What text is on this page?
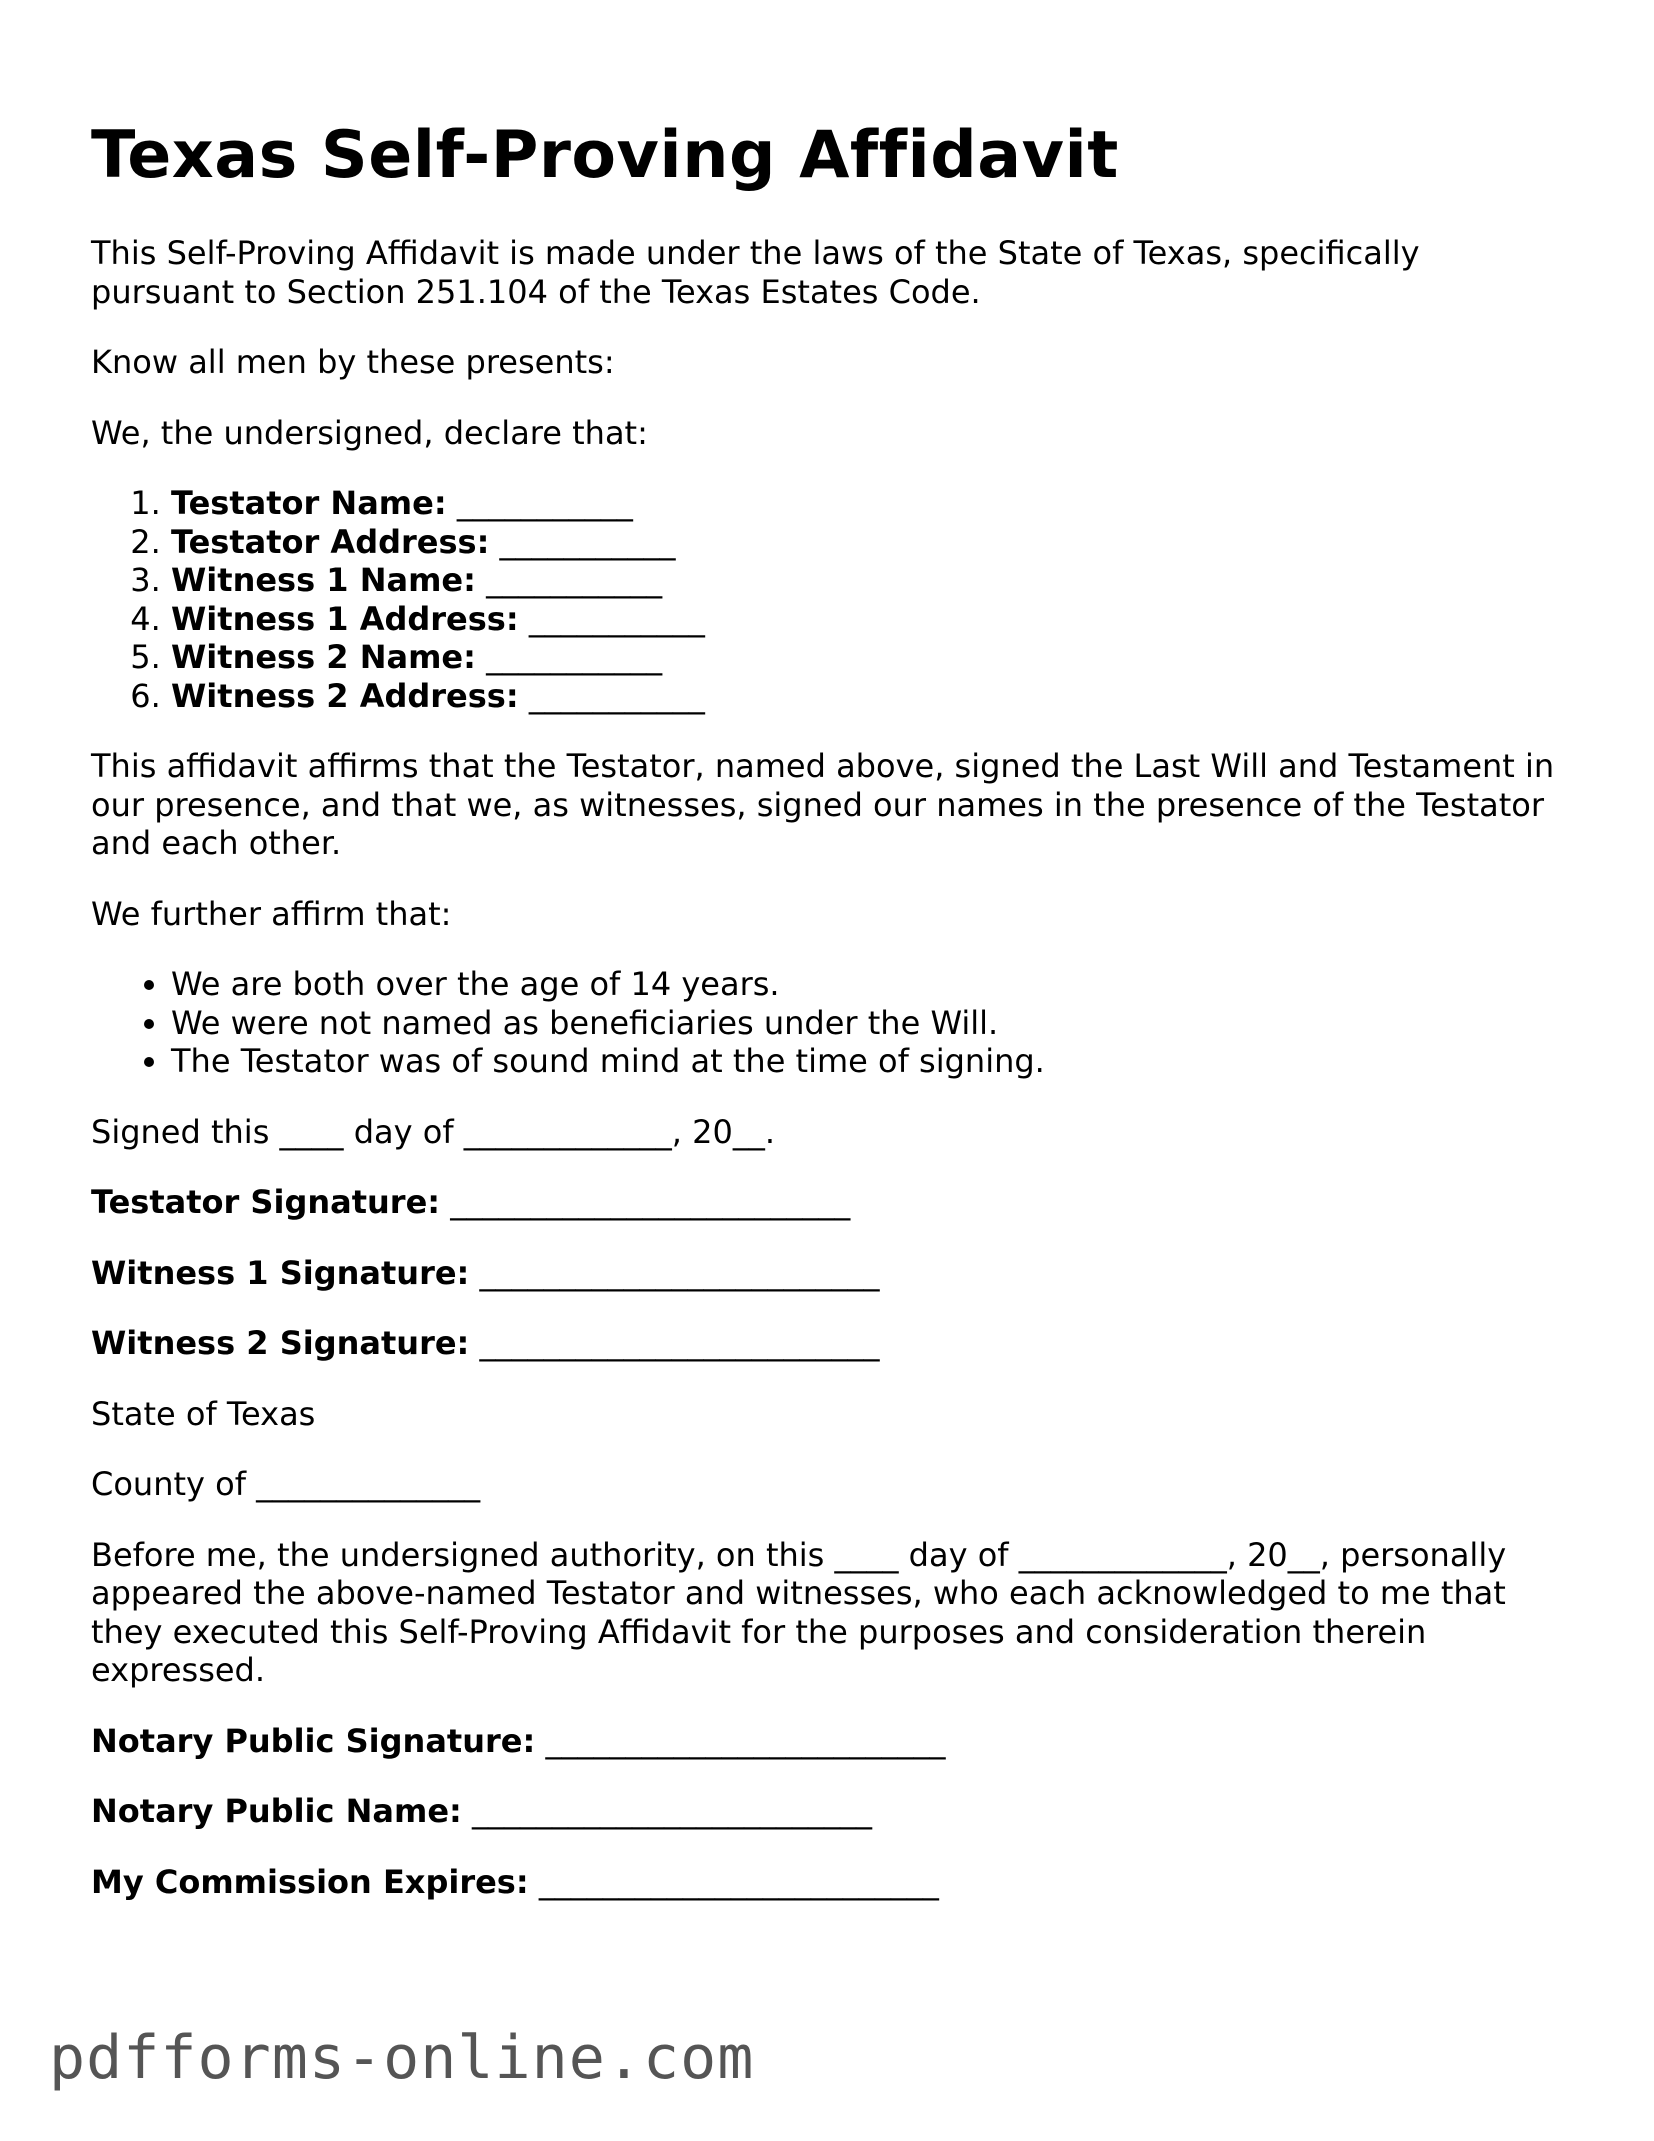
Texas Self-Proving Affidavit

This Self-Proving Affidavit is made under the laws of the State of Texas, specifically pursuant to Section 251.104 of the Texas Estates Code.

Know all men by these presents:

We, the undersigned, declare that:

1. Testator Name: ___________
2. Testator Address: ___________
3. Witness 1 Name: ___________
4. Witness 1 Address: ___________
5. Witness 2 Name: ___________
6. Witness 2 Address: ___________

This affidavit affirms that the Testator, named above, signed the Last Will and Testament in our presence, and that we, as witnesses, signed our names in the presence of the Testator and each other.

We further affirm that:

• We are both over the age of 14 years.
• We were not named as beneficiaries under the Will.
• The Testator was of sound mind at the time of signing.

Signed this ____ day of _____________, 20__.

Testator Signature: _________________________

Witness 1 Signature: _________________________

Witness 2 Signature: _________________________

State of Texas

County of ______________

Before me, the undersigned authority, on this ____ day of _____________, 20__, personally appeared the above-named Testator and witnesses, who each acknowledged to me that they executed this Self-Proving Affidavit for the purposes and consideration therein expressed.

Notary Public Signature: _________________________

Notary Public Name: _________________________

My Commission Expires: _________________________

pdfforms-online.com
